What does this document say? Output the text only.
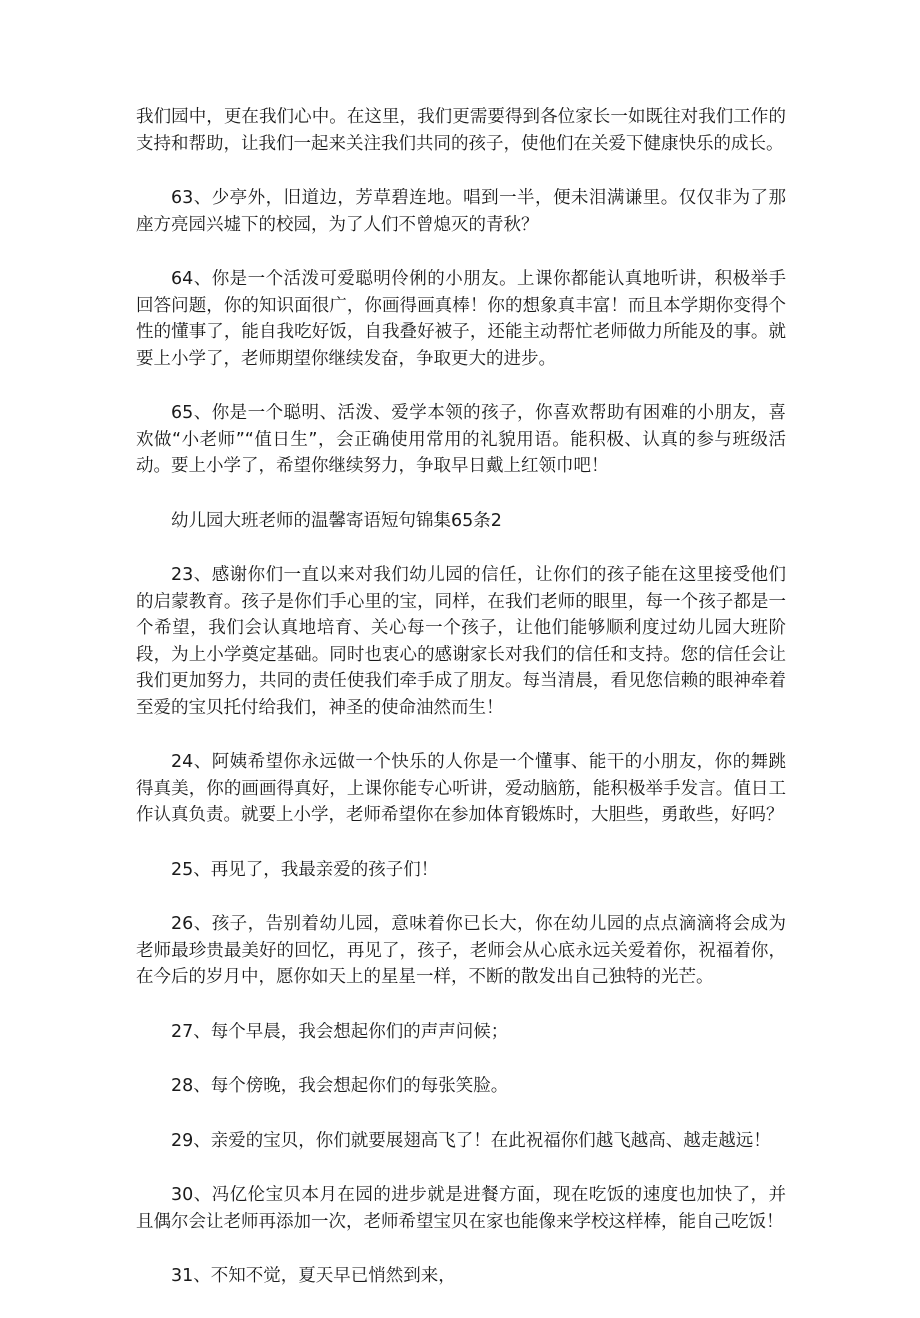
我们园中，更在我们心中。在这里，我们更需要得到各位家长一如既往对我们工作的支持和帮助，让我们一起来关注我们共同的孩子，使他们在关爱下健康快乐的成长。

63、少亭外，旧道边，芳草碧连地。唱到一半，便未泪满谦里。仅仅非为了那座方亮园兴墟下的校园，为了人们不曾熄灭的青秋？

64、你是一个活泼可爱聪明伶俐的小朋友。上课你都能认真地听讲，积极举手回答问题，你的知识面很广，你画得画真棒！你的想象真丰富！而且本学期你变得个性的懂事了，能自我吃好饭，自我叠好被子，还能主动帮忙老师做力所能及的事。就要上小学了，老师期望你继续发奋，争取更大的进步。

65、你是一个聪明、活泼、爱学本领的孩子，你喜欢帮助有困难的小朋友，喜欢做“小老师”“值日生”，会正确使用常用的礼貌用语。能积极、认真的参与班级活动。要上小学了，希望你继续努力，争取早日戴上红领巾吧！

幼儿园大班老师的温馨寄语短句锦集65条2

23、感谢你们一直以来对我们幼儿园的信任，让你们的孩子能在这里接受他们的启蒙教育。孩子是你们手心里的宝，同样，在我们老师的眼里，每一个孩子都是一个希望，我们会认真地培育、关心每一个孩子，让他们能够顺利度过幼儿园大班阶段，为上小学奠定基础。同时也衷心的感谢家长对我们的信任和支持。您的信任会让我们更加努力，共同的责任使我们牵手成了朋友。每当清晨，看见您信赖的眼神牵着至爱的宝贝托付给我们，神圣的使命油然而生！

24、阿姨希望你永远做一个快乐的人你是一个懂事、能干的小朋友，你的舞跳得真美，你的画画得真好，上课你能专心听讲，爱动脑筋，能积极举手发言。值日工作认真负责。就要上小学，老师希望你在参加体育锻炼时，大胆些，勇敢些，好吗？

25、再见了，我最亲爱的孩子们！

26、孩子，告别着幼儿园，意味着你已长大，你在幼儿园的点点滴滴将会成为老师最珍贵最美好的回忆，再见了，孩子，老师会从心底永远关爱着你，祝福着你，在今后的岁月中，愿你如天上的星星一样，不断的散发出自己独特的光芒。

27、每个早晨，我会想起你们的声声问候；

28、每个傍晚，我会想起你们的每张笑脸。

29、亲爱的宝贝，你们就要展翅高飞了！在此祝福你们越飞越高、越走越远！

30、冯亿伦宝贝本月在园的进步就是进餐方面，现在吃饭的速度也加快了，并且偶尔会让老师再添加一次，老师希望宝贝在家也能像来学校这样棒，能自己吃饭！

31、不知不觉，夏天早已悄然到来，
